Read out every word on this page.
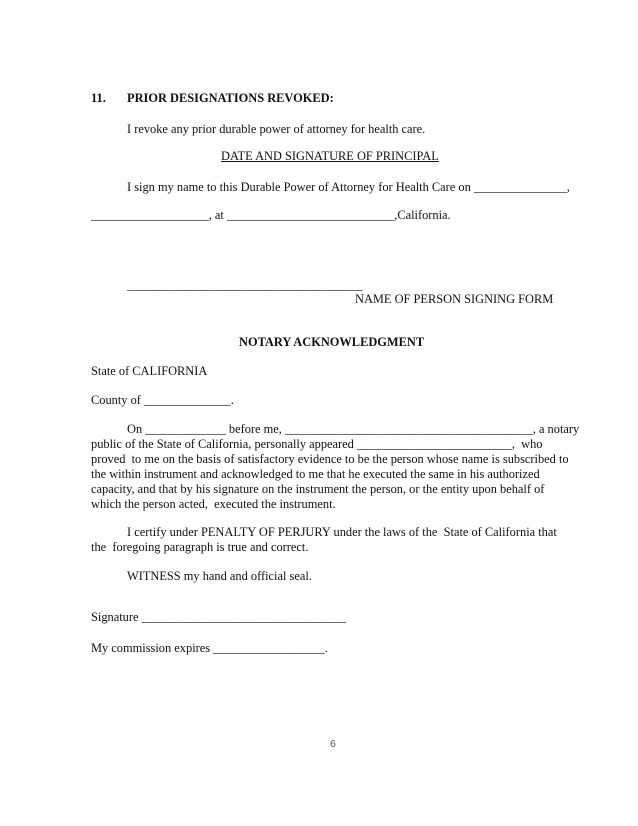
11. PRIOR DESIGNATIONS REVOKED:
I revoke any prior durable power of attorney for health care.
DATE AND SIGNATURE OF PRINCIPAL
I sign my name to this Durable Power of Attorney for Health Care on _______________,
___________________, at ___________________________,California.
______________________________________
NAME OF PERSON SIGNING FORM
NOTARY ACKNOWLEDGMENT
State of CALIFORNIA
County of ______________.
On _____________ before me, ________________________________________, a notary
public of the State of California, personally appeared _________________________,  who
proved  to me on the basis of satisfactory evidence to be the person whose name is subscribed to
the within instrument and acknowledged to me that he executed the same in his authorized
capacity, and that by his signature on the instrument the person, or the entity upon behalf of
which the person acted,  executed the instrument.
I certify under PENALTY OF PERJURY under the laws of the  State of California that
the  foregoing paragraph is true and correct.
WITNESS my hand and official seal.
Signature _________________________________
My commission expires __________________.
6
